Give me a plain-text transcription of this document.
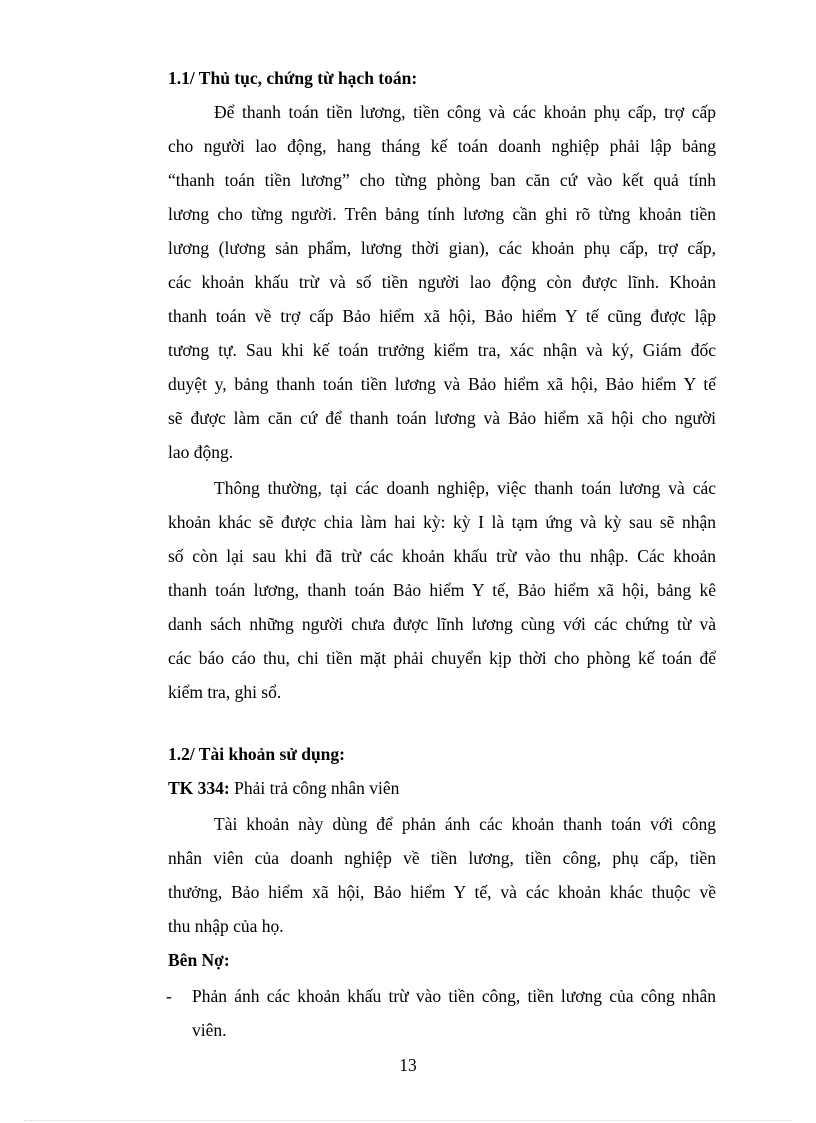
1.1/ Thủ tục, chứng từ hạch toán:
Để thanh toán tiền lương, tiền công và các khoản phụ cấp, trợ cấp
cho người lao động, hang tháng kế toán doanh nghiệp phải lập bảng
“thanh toán tiền lương” cho từng phòng ban căn cứ vào kết quả tính
lương cho từng người. Trên bảng tính lương cần ghi rõ từng khoản tiền
lương (lương sản phẩm, lương thời gian), các khoản phụ cấp, trợ cấp,
các khoản khấu trừ và số tiền người lao động còn được lĩnh. Khoản
thanh toán về trợ cấp Bảo hiểm xã hội, Bảo hiểm Y tế cũng được lập
tương tự. Sau khi kế toán trưởng kiểm tra, xác nhận và ký, Giám đốc
duyệt y, bảng thanh toán tiền lương và Bảo hiểm xã hội, Bảo hiểm Y tế
sẽ được làm căn cứ để thanh toán lương và Bảo hiểm xã hội cho người
lao động.
Thông thường, tại các doanh nghiệp, việc thanh toán lương và các
khoản khác sẽ được chia làm hai kỳ: kỳ I là tạm ứng và kỳ sau sẽ nhận
số còn lại sau khi đã trừ các khoản khấu trừ vào thu nhập. Các khoản
thanh toán lương, thanh toán Bảo hiểm Y tế, Bảo hiểm xã hội, bảng kê
danh sách những người chưa được lĩnh lương cùng với các chứng từ và
các báo cáo thu, chi tiền mặt phải chuyển kịp thời cho phòng kế toán để
kiểm tra, ghi sổ.
1.2/ Tài khoản sử dụng:
TK 334: Phải trả công nhân viên
Tài khoản này dùng để phản ánh các khoản thanh toán với công
nhân viên của doanh nghiệp về tiền lương, tiền công, phụ cấp, tiền
thưởng, Bảo hiểm xã hội, Bảo hiểm Y tế, và các khoản khác thuộc về
thu nhập của họ.
Bên Nợ:
- Phản ánh các khoản khấu trừ vào tiền công, tiền lương của công nhân
viên.
13
